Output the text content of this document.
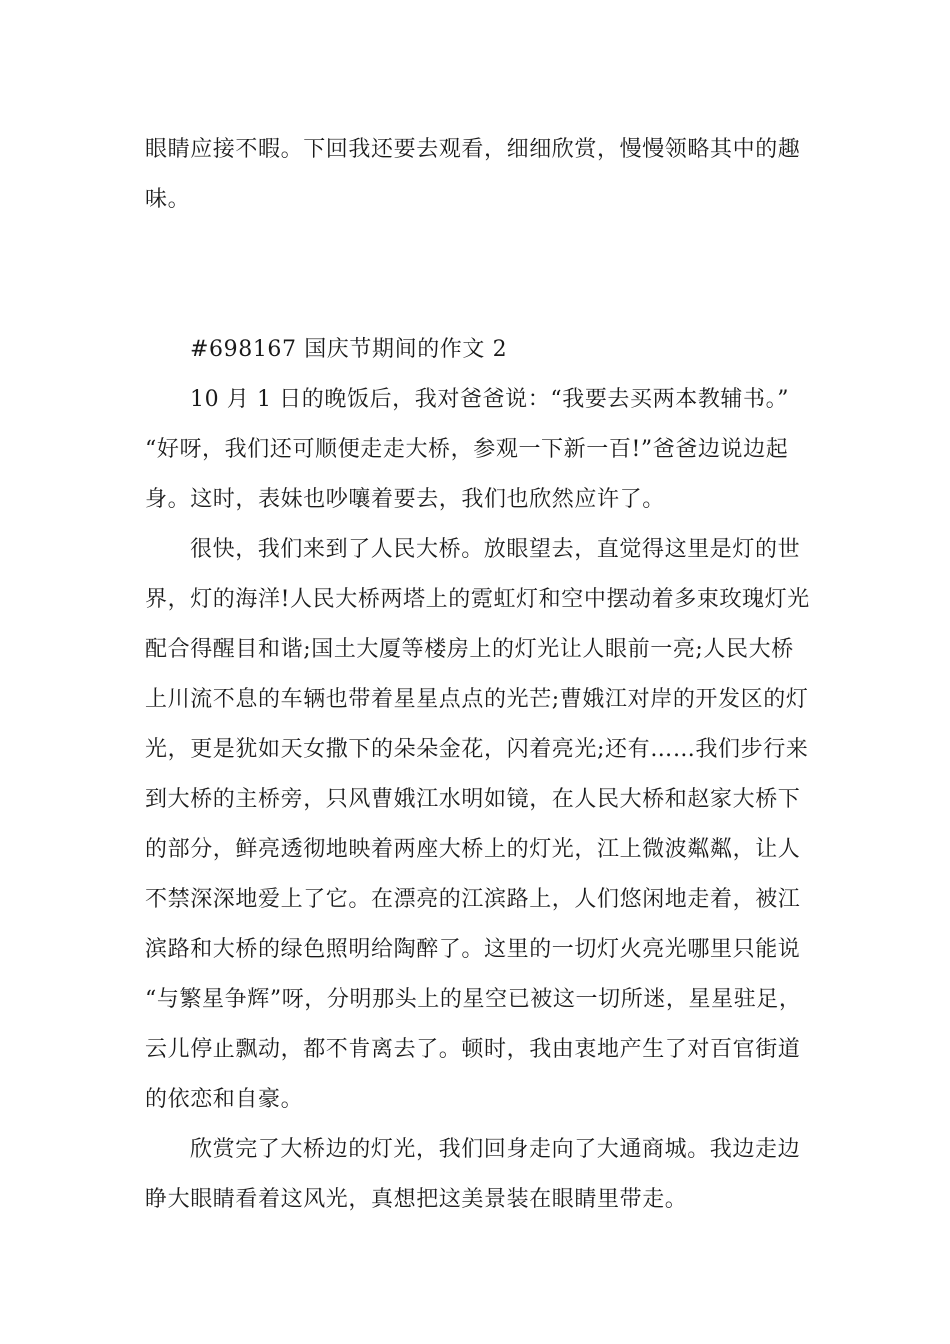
眼睛应接不暇。下回我还要去观看，细细欣赏，慢慢领略其中的趣

味。

#698167 国庆节期间的作文 2

10 月 1 日的晚饭后，我对爸爸说：“我要去买两本教辅书。”

“好呀，我们还可顺便走走大桥，参观一下新一百!”爸爸边说边起

身。这时，表妹也吵嚷着要去，我们也欣然应许了。

很快，我们来到了人民大桥。放眼望去，直觉得这里是灯的世

界，灯的海洋!人民大桥两塔上的霓虹灯和空中摆动着多束玫瑰灯光

配合得醒目和谐;国土大厦等楼房上的灯光让人眼前一亮;人民大桥

上川流不息的车辆也带着星星点点的光芒;曹娥江对岸的开发区的灯

光，更是犹如天女撒下的朵朵金花，闪着亮光;还有……我们步行来

到大桥的主桥旁，只风曹娥江水明如镜，在人民大桥和赵家大桥下

的部分，鲜亮透彻地映着两座大桥上的灯光，江上微波粼粼，让人

不禁深深地爱上了它。在漂亮的江滨路上，人们悠闲地走着，被江

滨路和大桥的绿色照明给陶醉了。这里的一切灯火亮光哪里只能说

“与繁星争辉”呀，分明那头上的星空已被这一切所迷，星星驻足，

云儿停止飘动，都不肯离去了。顿时，我由衷地产生了对百官街道

的依恋和自豪。

欣赏完了大桥边的灯光，我们回身走向了大通商城。我边走边

睁大眼睛看着这风光，真想把这美景装在眼睛里带走。
